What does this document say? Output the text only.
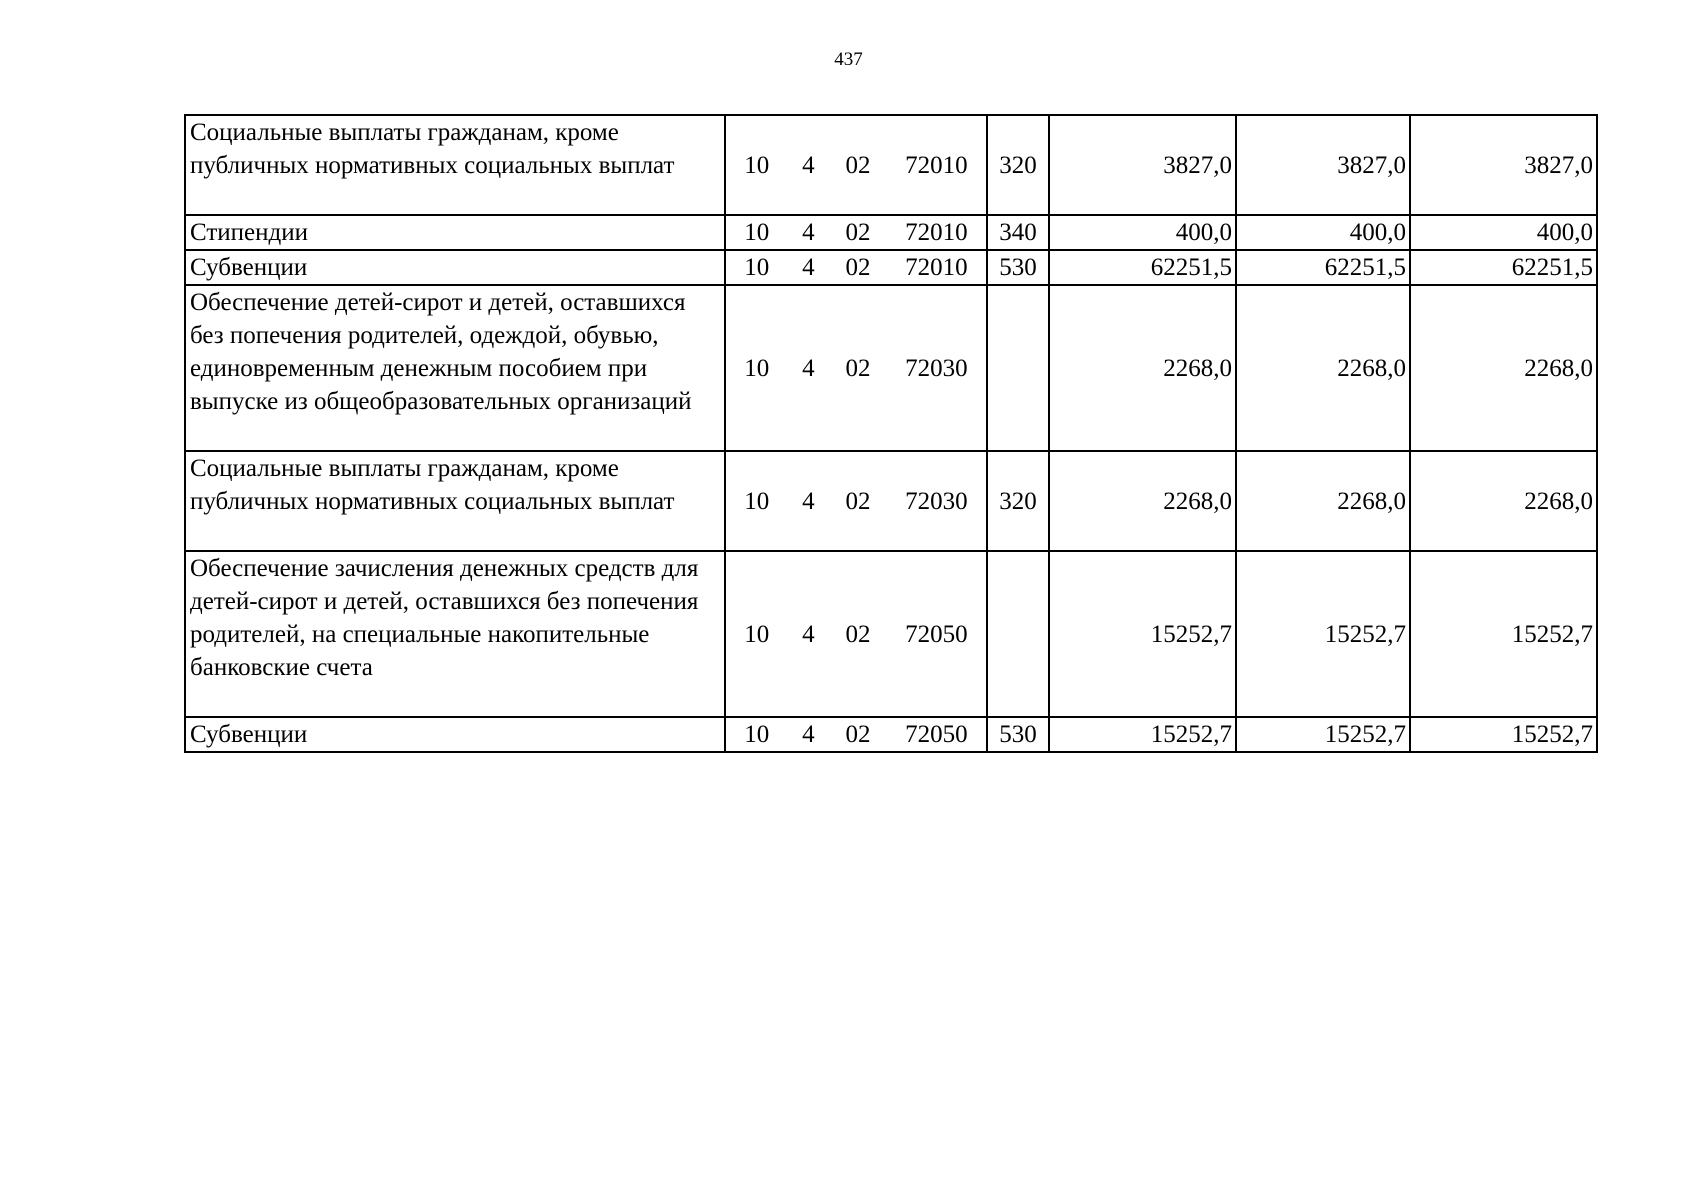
437
Социальные выплаты гражданам, кроме публичных нормативных социальных выплат	10 4 02 72010	320	3827,0	3827,0	3827,0
Стипендии	10 4 02 72010	340	400,0	400,0	400,0
Субвенции	10 4 02 72010	530	62251,5	62251,5	62251,5
Обеспечение детей-сирот и детей, оставшихся без попечения родителей, одеждой, обувью, единовременным денежным пособием при выпуске из общеобразовательных организаций	10 4 02 72030		2268,0	2268,0	2268,0
Социальные выплаты гражданам, кроме публичных нормативных социальных выплат	10 4 02 72030	320	2268,0	2268,0	2268,0
Обеспечение зачисления денежных средств для детей-сирот и детей, оставшихся без попечения родителей, на специальные накопительные банковские счета	10 4 02 72050		15252,7	15252,7	15252,7
Субвенции	10 4 02 72050	530	15252,7	15252,7	15252,7
